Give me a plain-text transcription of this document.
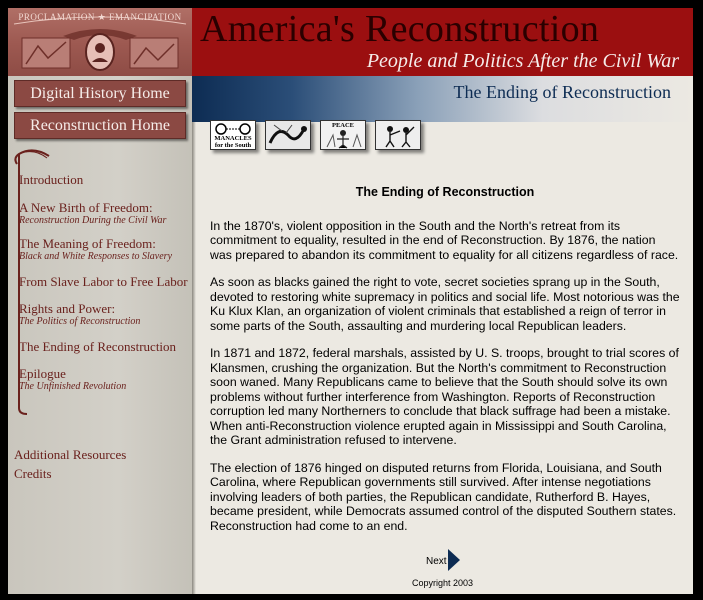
PROCLAMATION ★ EMANCIPATION
Digital History Home
Reconstruction Home
Introduction
A New Birth of Freedom:
Reconstruction During the Civil War
The Meaning of Freedom:
Black and White Responses to Slavery
From Slave Labor to Free Labor
Rights and Power:
The Politics of Reconstruction
The Ending of Reconstruction
Epilogue
The Unfinished Revolution
Additional Resources
Credits
America's Reconstruction
People and Politics After the Civil War
The Ending of Reconstruction
MANACLES for the South
PEACE
The Ending of Reconstruction

In the 1870's, violent opposition in the South and the North's retreat from its commitment to equality, resulted in the end of Reconstruction. By 1876, the nation was prepared to abandon its commitment to equality for all citizens regardless of race.

As soon as blacks gained the right to vote, secret societies sprang up in the South, devoted to restoring white supremacy in politics and social life. Most notorious was the Ku Klux Klan, an organization of violent criminals that established a reign of terror in some parts of the South, assaulting and murdering local Republican leaders.

In 1871 and 1872, federal marshals, assisted by U. S. troops, brought to trial scores of Klansmen, crushing the organization. But the North's commitment to Reconstruction soon waned. Many Republicans came to believe that the South should solve its own problems without further interference from Washington. Reports of Reconstruction corruption led many Northerners to conclude that black suffrage had been a mistake. When anti-Reconstruction violence erupted again in Mississippi and South Carolina, the Grant administration refused to intervene.

The election of 1876 hinged on disputed returns from Florida, Louisiana, and South Carolina, where Republican governments still survived. After intense negotiations involving leaders of both parties, the Republican candidate, Rutherford B. Hayes, became president, while Democrats assumed control of the disputed Southern states. Reconstruction had come to an end.

Next
Copyright 2003
